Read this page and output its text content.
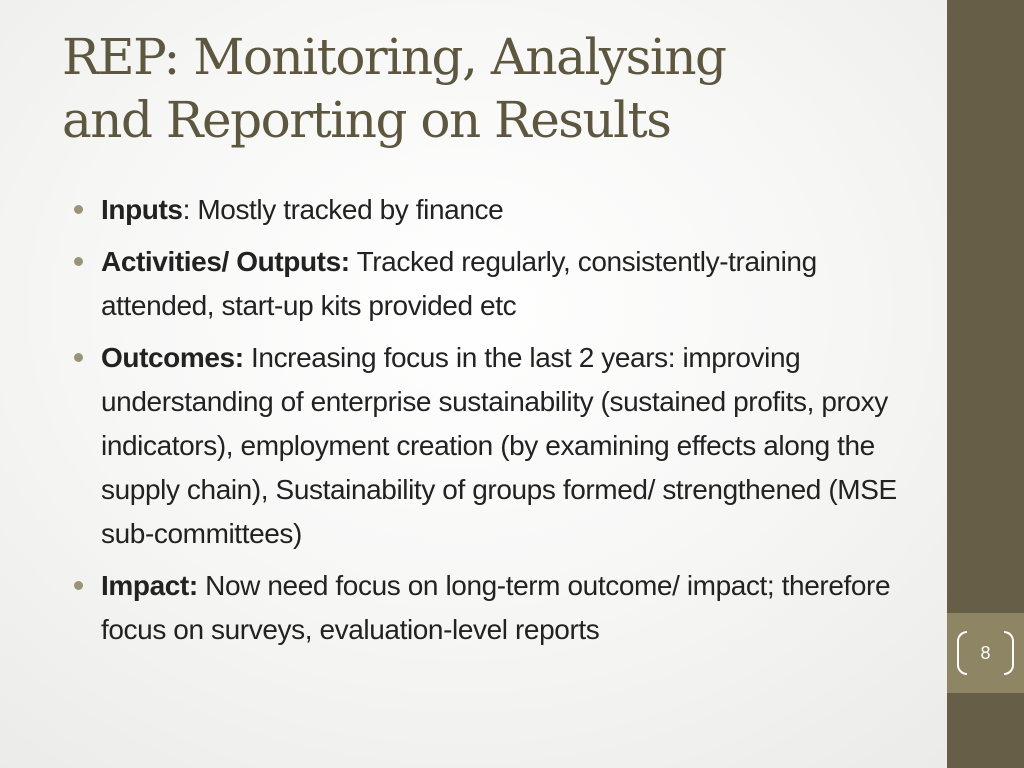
8
REP: Monitoring, Analysing
and Reporting on Results
Inputs: Mostly tracked by finance
Activities/ Outputs: Tracked regularly, consistently-training attended, start-up kits provided etc
Outcomes: Increasing focus in the last 2 years: improving understanding of enterprise sustainability (sustained profits, proxy indicators), employment creation (by examining effects along the supply chain), Sustainability of groups formed/ strengthened (MSE sub-committees)
Impact: Now need focus on long-term outcome/ impact; therefore focus on surveys, evaluation-level reports
